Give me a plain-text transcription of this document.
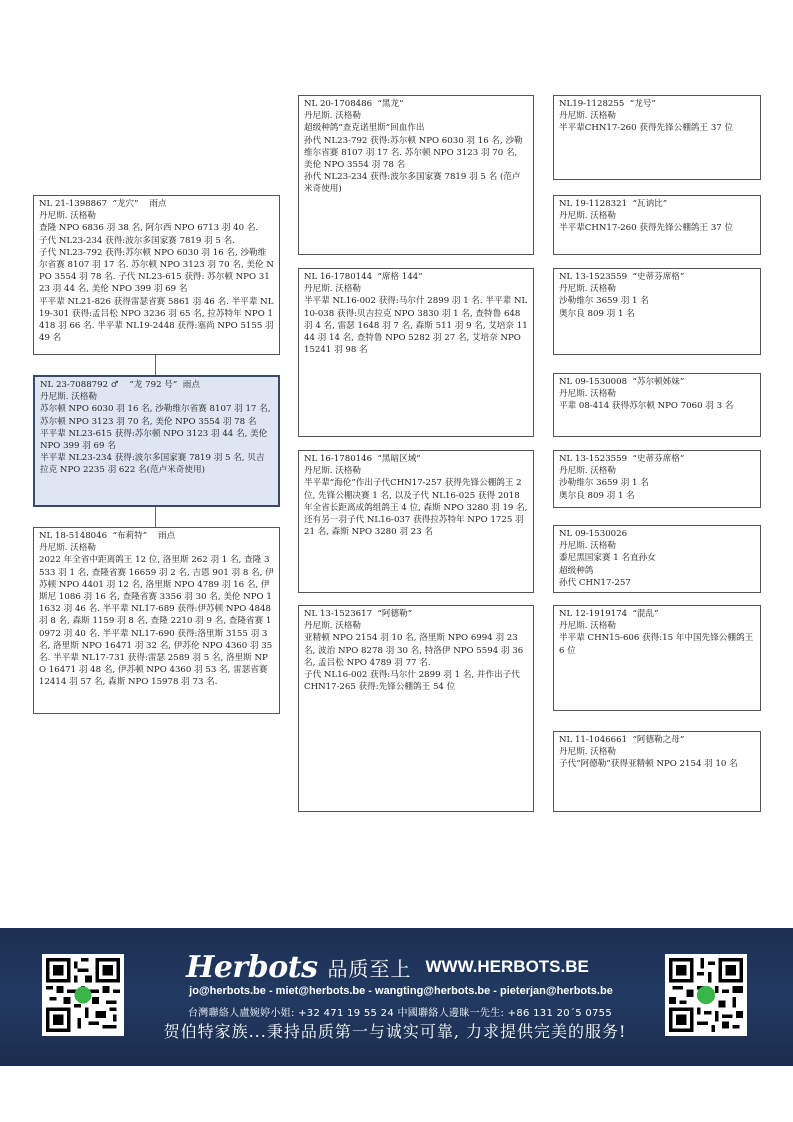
NL 21-1398867  “龙穴”    雨点
丹尼斯. 沃格勒
查隆 NPO 6836 羽 38 名, 阿尔西 NPO 6713 羽 40 名.
子代 NL23-234 获得:波尔多国家赛 7819 羽 5 名.
子代 NL23-792 获得:苏尔顿 NPO 6030 羽 16 名, 沙勒维尔省赛 8107 羽 17 名. 苏尔顿 NPO 3123 羽 70 名, 美伦 NPO 3554 羽 78 名. 子代 NL23-615 获得: 苏尔顿 NPO 3123 羽 44 名, 美伦 NPO 399 羽 69 名
平平辈 NL21-826 获得雷瑟省赛 5861 羽 46 名. 半平辈 NL19-301 获得:孟吕松 NPO 3236 羽 65 名, 拉苏特年 NPO 1418 羽 66 名. 半平辈 NL19-2448 获得:塞尚 NPO 5155 羽 49 名
NL 23-7088792 ♂    “龙 792 号”  雨点
丹尼斯. 沃格勒
苏尔顿 NPO 6030 羽 16 名, 沙勒维尔省赛 8107 羽 17 名, 苏尔顿 NPO 3123 羽 70 名, 美伦 NPO 3554 羽 78 名
平平辈 NL23-615 获得:苏尔顿 NPO 3123 羽 44 名, 美伦 NPO 399 羽 69 名
半平辈 NL23-234 获得:波尔多国家赛 7819 羽 5 名, 贝吉拉克 NPO 2235 羽 622 名(范卢米奇使用)
NL 18-5148046  “布莉特”    雨点
丹尼斯. 沃格勒
2022 年全省中距离鸽王 12 位, 洛里斯 262 羽 1 名, 查隆 3533 羽 1 名, 查隆省赛 16659 羽 2 名, 吉恩 901 羽 8 名, 伊苏顿 NPO 4401 羽 12 名, 洛里斯 NPO 4789 羽 16 名, 伊斯尼 1086 羽 16 名, 查隆省赛 3356 羽 30 名, 美伦 NPO 11632 羽 46 名. 半平辈 NL17-689 获得:伊苏顿 NPO 4848 羽 8 名, 森斯 1159 羽 8 名, 查隆 2210 羽 9 名, 查隆省赛 10972 羽 40 名. 半平辈 NL17-690 获得:洛里斯 3155 羽 3 名, 洛里斯 NPO 16471 羽 32 名, 伊苏伦 NPO 4360 羽 35 名. 半平辈 NL17-731 获得:雷瑟 2589 羽 5 名, 洛里斯 NPO 16471 羽 48 名, 伊苏顿 NPO 4360 羽 53 名, 雷瑟省赛 12414 羽 57 名, 森斯 NPO 15978 羽 73 名.
NL 20-1708486  “黑龙”
丹尼斯. 沃格勒
超级种鸽“查克诺里斯”回血作出
孙代 NL23-792 获得:苏尔顿 NPO 6030 羽 16 名, 沙勒维尔省赛 8107 羽 17 名. 苏尔顿 NPO 3123 羽 70 名, 美伦 NPO 3554 羽 78 名
孙代 NL23-234 获得:波尔多国家赛 7819 羽 5 名 (范卢米奇使用)
NL 16-1780144  “席格 144”
丹尼斯. 沃格勒
半平辈 NL16-002 获得:马尔什 2899 羽 1 名. 半平辈 NL10-038 获得:贝吉拉克 NPO 3830 羽 1 名, 查特鲁 648 羽 4 名, 雷瑟 1648 羽 7 名, 森斯 511 羽 9 名, 艾培奈 1144 羽 14 名, 查特鲁 NPO 5282 羽 27 名, 艾培奈 NPO 15241 羽 98 名
NL 16-1780146  “黑暗区域”
丹尼斯. 沃格勒
半平辈“海伦”作出子代CHN17-257 获得先锋公棚鸽王 2 位, 先锋公棚决赛 1 名, 以及子代 NL16-025 获得 2018 年全省长距离成鸽组鸽王 4 位, 森斯 NPO 3280 羽 19 名, 还有另一羽子代 NL16-037 获得拉苏特年 NPO 1725 羽 21 名, 森斯 NPO 3280 羽 23 名
NL 13-1523617  “阿德勒”
丹尼斯. 沃格勒
亚精顿 NPO 2154 羽 10 名, 洛里斯 NPO 6994 羽 23 名, 波治 NPO 8278 羽 30 名, 特洛伊 NPO 5594 羽 36 名, 孟吕松 NPO 4789 羽 77 名.
子代 NL16-002 获得:马尔什 2899 羽 1 名, 并作出子代 CHN17-265 获得:先锋公棚鸽王 54 位
NL19-1128255  “龙号”
丹尼斯. 沃格勒
半平辈CHN17-260 获得先锋公棚鸽王 37 位
NL 19-1128321  “瓦讷比”
丹尼斯. 沃格勒
半平辈CHN17-260 获得先锋公棚鸽王 37 位
NL 13-1523559  “史蒂芬席格”
丹尼斯. 沃格勒
沙勒维尔 3659 羽 1 名
奥尔良 809 羽 1 名
NL 09-1530008  “苏尔顿姊妹”
丹尼斯. 沃格勒
平辈 08-414 获得苏尔顿 NPO 7060 羽 3 名
NL 13-1523559  “史蒂芬席格”
丹尼斯. 沃格勒
沙勒维尔 3659 羽 1 名
奥尔良 809 羽 1 名
NL 09-1530026
丹尼斯. 沃格勒
黍尼黑国家赛 1 名直孙女
超级种鸽
孙代 CHN17-257
NL 12-1919174  “混乱”
丹尼斯. 沃格勒
半平辈 CHN15-606 获得:15 年中国先锋公棚鸽王 6 位
NL 11-1046661  “阿德勒之母”
丹尼斯. 沃格勒
子代“阿德勒”获得亚精顿 NPO 2154 羽 10 名
Herbots 品质至上 WWW.HERBOTS.BE
jo@herbots.be - miet@herbots.be - wangting@herbots.be - pieterjan@herbots.be
台灣聯絡人盧婉婷小姐: +32 471 19 55 24 中國聯絡人邊睐一先生: +86 131 20´5 0755
贺伯特家族...秉持品质第一与诚实可靠, 力求提供完美的服务!
